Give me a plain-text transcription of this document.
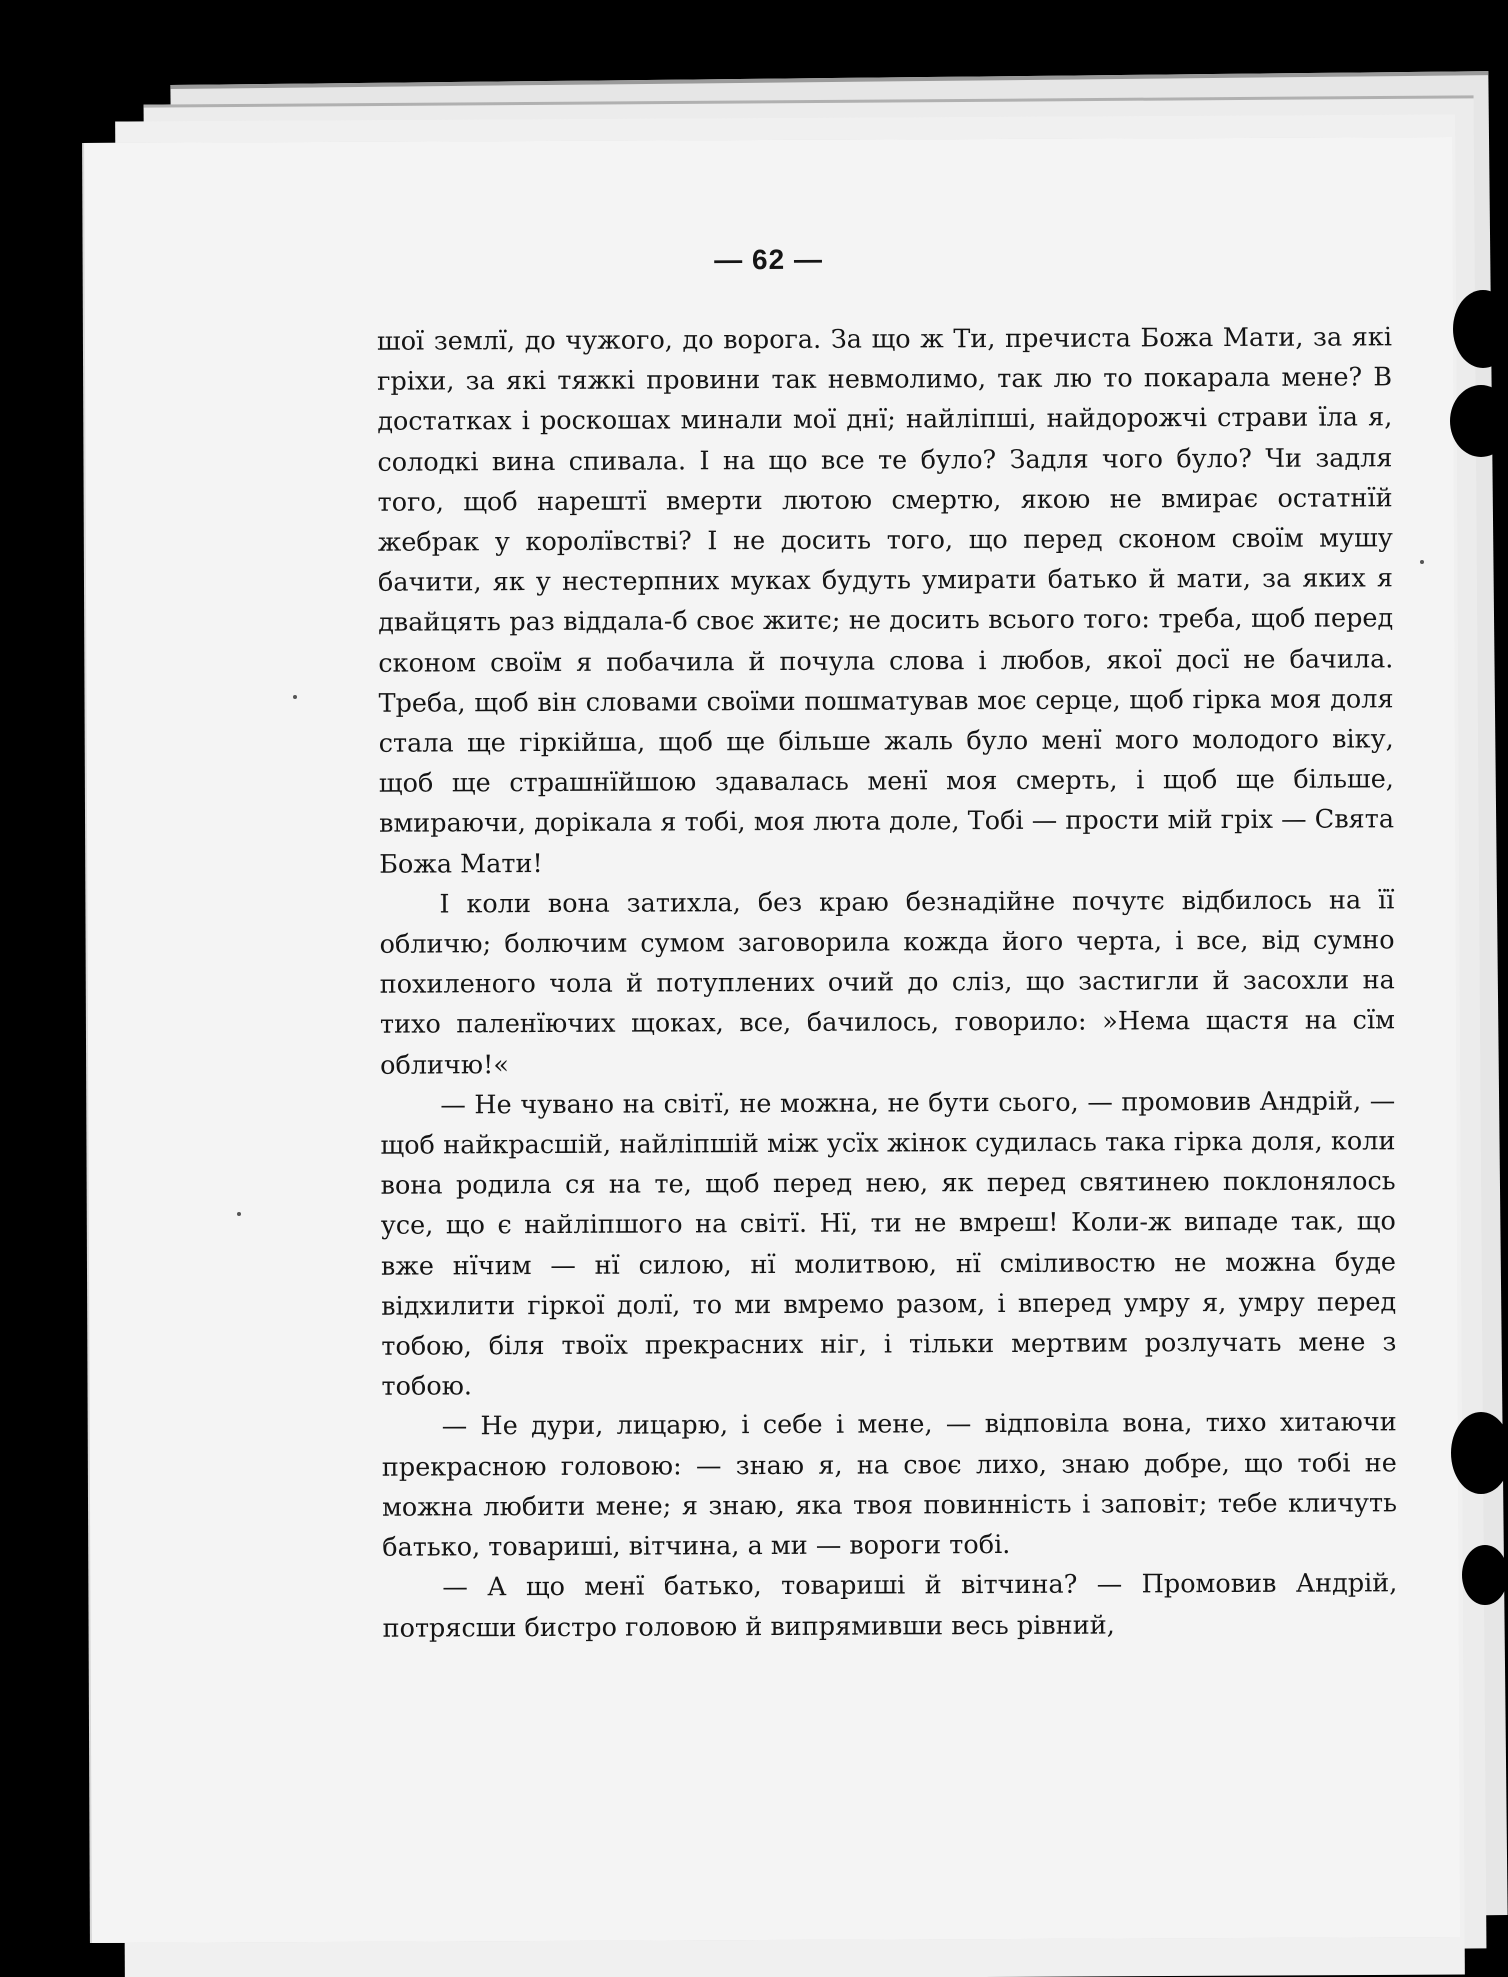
— 62 —

шої землї, до чужого, до ворога. За що ж Ти, пречиста Божа Мати, за які гріхи, за які тяжкі провини так невмолимо, так лю то покарала мене? В достатках і роскошах минали мої днї; найліпші, найдорожчі страви їла я, солодкі вина спивала. І на що все те було? Задля чого було? Чи задля того, щоб нарештї вмерти лютою смертю, якою не вмирає остатнїй жебрак у королївстві? І не досить того, що перед сконом своїм мушу бачити, як у нестерпних муках будуть умирати батько й мати, за яких я двайцять раз віддала-б своє житє; не досить всього того: треба, щоб перед сконом своїм я побачила й почула слова і любов, якої досї не бачила. Треба, щоб він словами своїми пошматував моє серце, щоб гірка моя доля стала ще гіркійша, щоб ще більше жаль було менї мого молодого віку, щоб ще страшнїйшою здавалась менї моя смерть, і щоб ще більше, вмираючи, дорікала я тобі, моя люта доле, Тобі — прости мій гріх — Свята Божа Мати!

І коли вона затихла, без краю безнадійне почутє відбилось на її обличю; болючим сумом заговорила кожда його черта, і все, від сумно похиленого чола й потуплених очий до сліз, що застигли й засохли на тихо паленїючих щоках, все, бачилось, говорило: »Нема щастя на сїм обличю!«

— Не чувано на світї, не можна, не бути сього, — промовив Андрій, — щоб найкрасшій, найліпшій між усїх жінок судилась така гірка доля, коли вона родила ся на те, щоб перед нею, як перед святинею поклонялось усе, що є найліпшого на світї. Нї, ти не вмреш! Коли-ж випаде так, що вже нїчим — нї силою, нї молитвою, нї сміливостю не можна буде відхилити гіркої долї, то ми вмремо разом, і вперед умру я, умру перед тобою, біля твоїх прекрасних ніг, і тільки мертвим розлучать мене з тобою.

— Не дури, лицарю, і себе і мене, — відповіла вона, тихо хитаючи прекрасною головою: — знаю я, на своє лихо, знаю добре, що тобі не можна любити мене; я знаю, яка твоя повинність і заповіт; тебе кличуть батько, товариші, вітчина, а ми — вороги тобі.

— А що менї батько, товариші й вітчина? — Промовив Андрій, потрясши бистро головою й випрямивши весь рівний,
